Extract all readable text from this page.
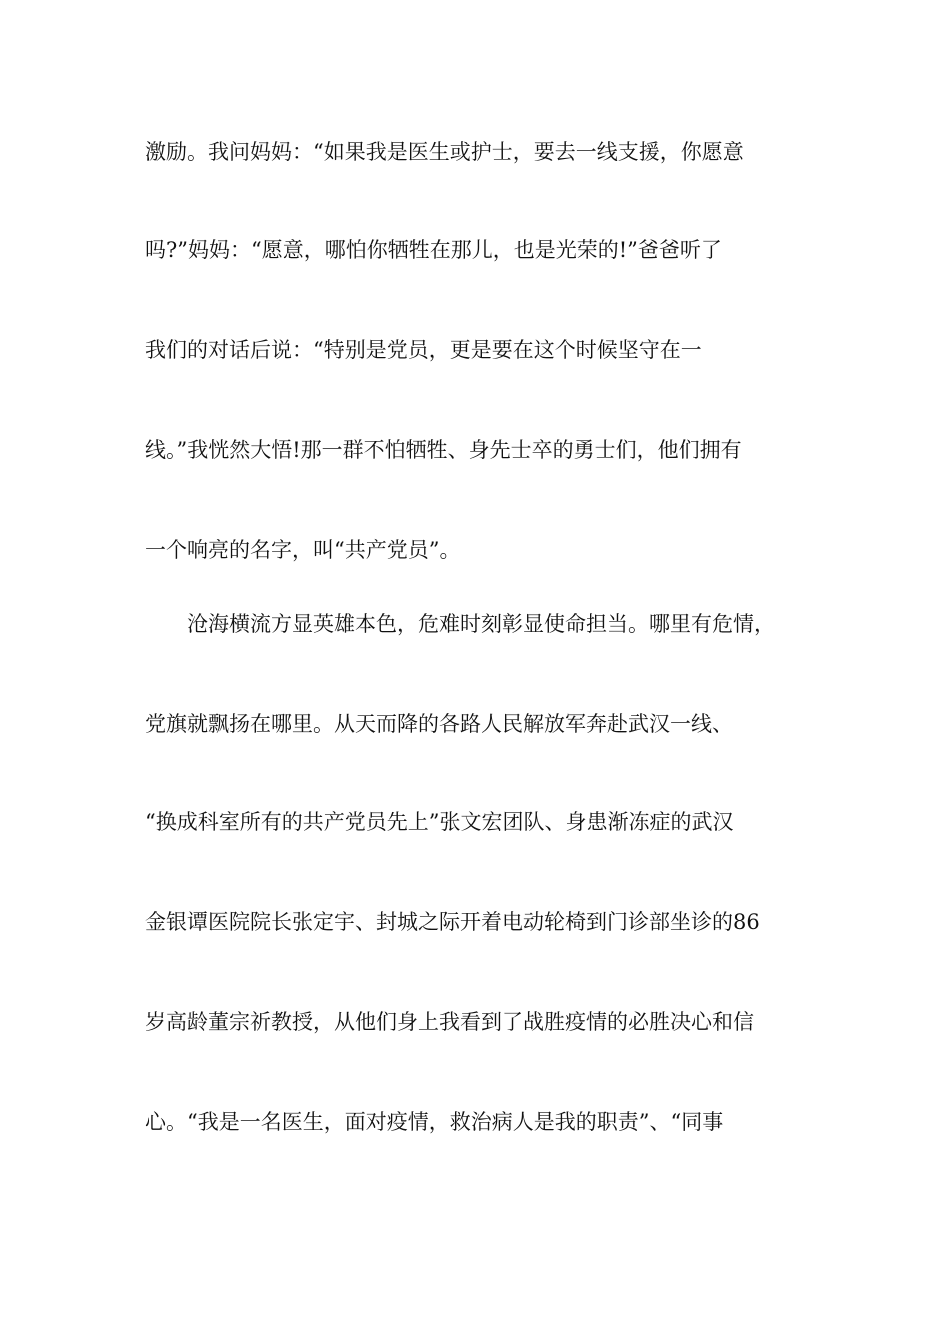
激励。我问妈妈：“如果我是医生或护士，要去一线支援，你愿意
吗?”妈妈：“愿意，哪怕你牺牲在那儿，也是光荣的!”爸爸听了
我们的对话后说：“特别是党员，更是要在这个时候坚守在一
线。”我恍然大悟!那一群不怕牺牲、身先士卒的勇士们，他们拥有
一个响亮的名字，叫“共产党员”。
沧海横流方显英雄本色，危难时刻彰显使命担当。哪里有危情，
党旗就飘扬在哪里。从天而降的各路人民解放军奔赴武汉一线、
“换成科室所有的共产党员先上”张文宏团队、身患渐冻症的武汉
金银谭医院院长张定宇、封城之际开着电动轮椅到门诊部坐诊的86
岁高龄董宗祈教授，从他们身上我看到了战胜疫情的必胜决心和信
心。“我是一名医生，面对疫情，救治病人是我的职责”、“同事
